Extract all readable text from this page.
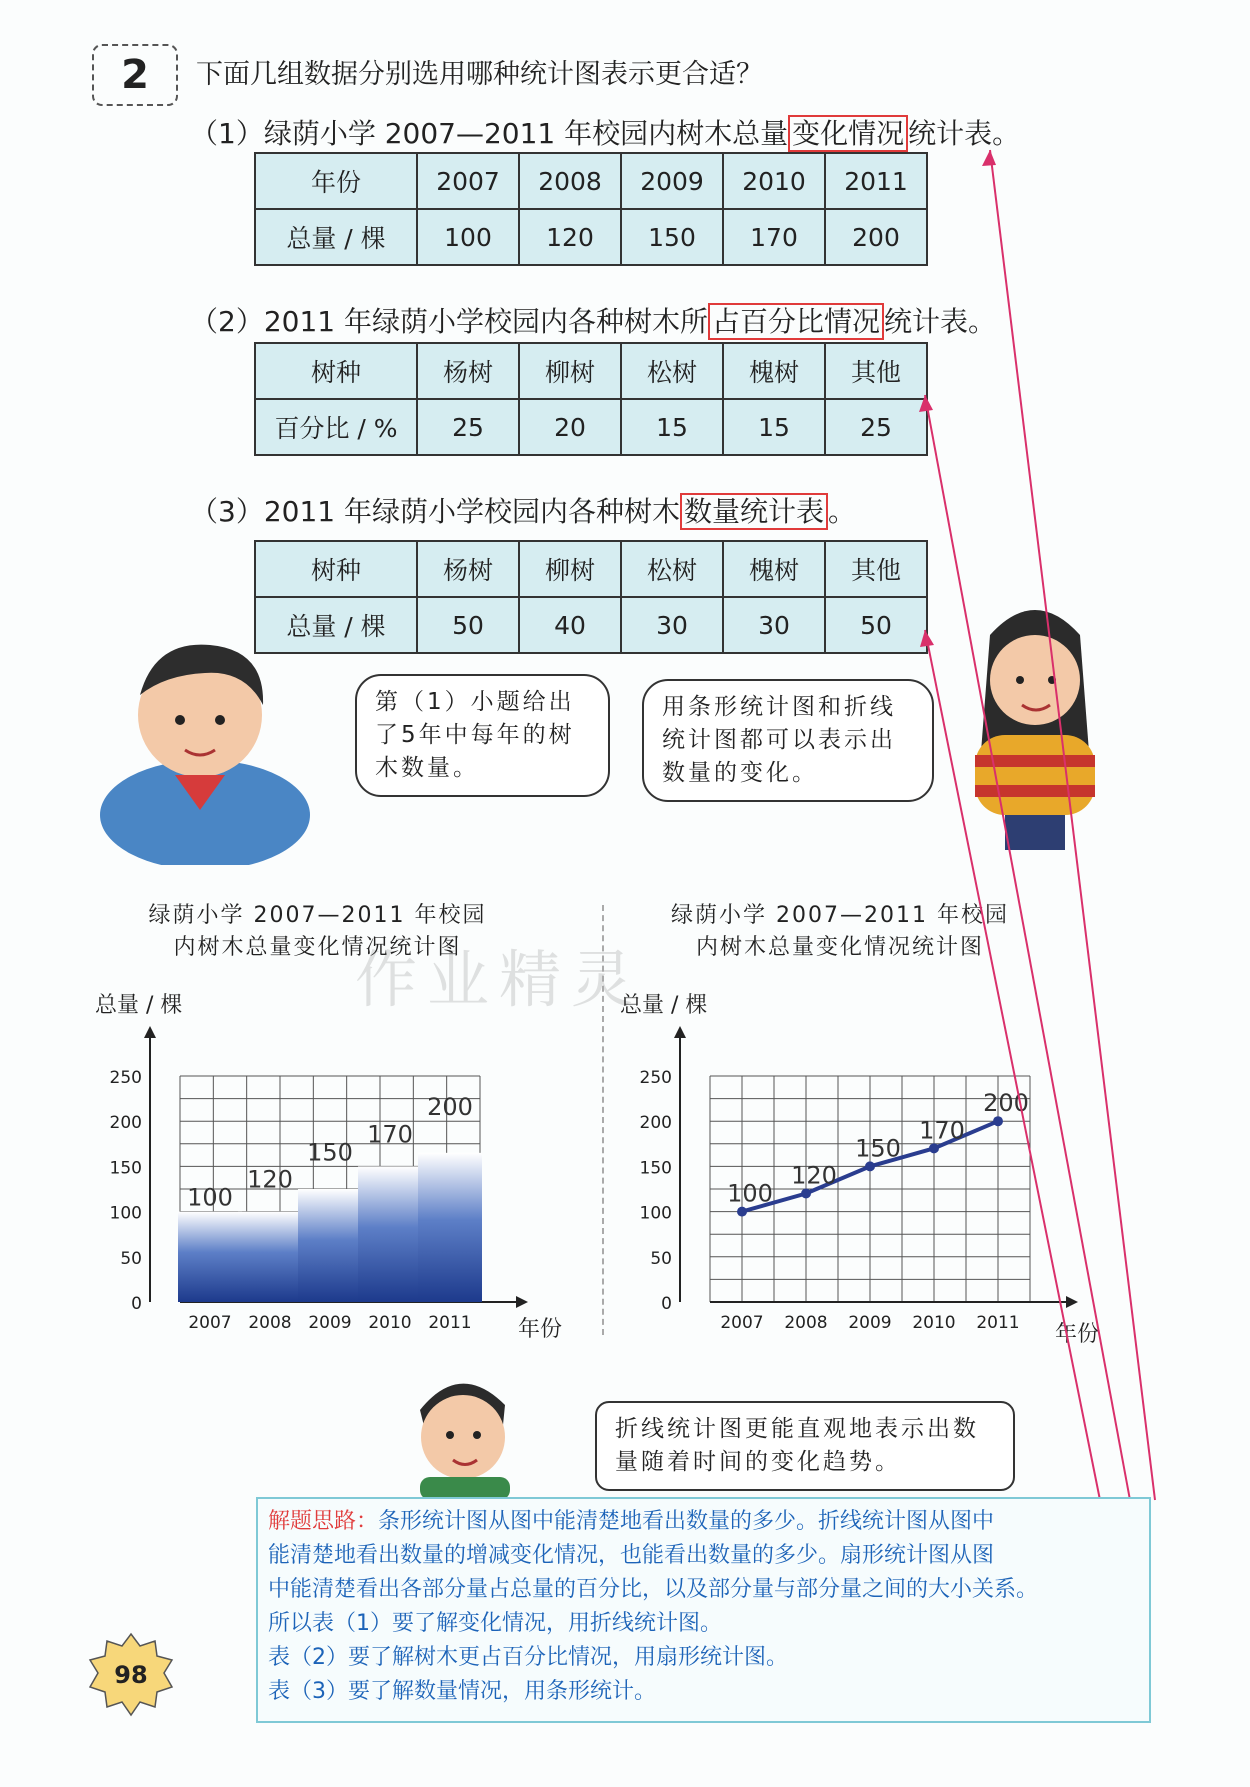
2	下面几组数据分别选用哪种统计图表示更合适？
（1）绿荫小学 2007—2011 年校园内树木总量 变化情况 统计表。
年份	2007	2008	2009	2010	2011
总量 / 棵	100	120	150	170	200
（2）2011 年绿荫小学校园内各种树木所 占百分比情况 统计表。
树种	杨树	柳树	松树	槐树	其他
百分比 / %	25	20	15	15	25
（3）2011 年绿荫小学校园内各种树木 数量统计表 。
树种	杨树	柳树	松树	槐树	其他
总量 / 棵	50	40	30	30	50
第（1）小题给出了5年中每年的树木数量。
用条形统计图和折线统计图都可以表示出数量的变化。
折线统计图更能直观地表示出数量随着时间的变化趋势。
作业精灵
绿荫小学 2007—2011 年校园
内树木总量变化情况统计图
总量 / 棵
年份
0
50
100
150
200
250
2007 2008 2009 2010 2011
100
120
150
170
200
绿荫小学 2007—2011 年校园
内树木总量变化情况统计图
总量 / 棵
年份
0
50
100
150
200
250
2007 2008 2009 2010 2011
100
120
150
170
200
解题思路：条形统计图从图中能清楚地看出数量的多少。折线统计图从图中
能清楚地看出数量的增减变化情况，也能看出数量的多少。扇形统计图从图
中能清楚看出各部分量占总量的百分比，以及部分量与部分量之间的大小关系。
所以表（1）要了解变化情况，用折线统计图。
表（2）要了解树木更占百分比情况，用扇形统计图。
表（3）要了解数量情况，用条形统计。
98
